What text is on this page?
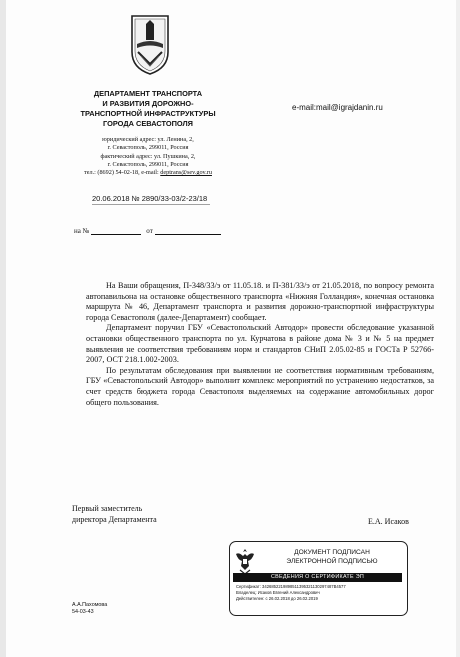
ДЕПАРТАМЕНТ ТРАНСПОРТА
И РАЗВИТИЯ ДОРОЖНО-
ТРАНСПОРТНОЙ ИНФРАСТРУКТУРЫ
ГОРОДА СЕВАСТОПОЛЯ
юридический адрес: ул. Ленина, 2,
г. Севастополь, 299011, Россия
фактический адрес: ул. Пушкина, 2,
г. Севастополь, 299011, Россия
тел.: (8692) 54-02-18, e-mail: deptrans@sev.gov.ru
e-mail:mail@igrajdanin.ru
20.06.2018 № 2890/33-03/2-23/18
на №	от

На Ваши обращения, П-348/33/э от 11.05.18. и П-381/33/э от 21.05.2018, по вопросу ремонта автопавильона на остановке общественного транспорта «Нижняя Голландия», конечная остановка маршрута № 46, Департамент транспорта и развития дорожно-транспортной инфраструктуры города Севастополя (далее-Департамент) сообщает.

Департамент поручил ГБУ «Севастопольский Автодор» провести обследование указанной остановки общественного транспорта по ул. Курчатова в районе дома № 3 и № 5 на предмет выявления не соответствия требованиям норм и стандартов СНиП 2.05.02-85 и ГОСТа Р 52766-2007, ОСТ 218.1.002-2003.

По результатам обследования при выявлении не соответствия нормативным требованиям, ГБУ «Севастопольский Автодор» выполнит комплекс мероприятий по устранению недостатков, за счет средств бюджета города Севастополя выделяемых на содержание автомобильных дорог общего пользования.

Первый заместитель
директора Департамента	Е.А. Исаков
ДОКУМЕНТ ПОДПИСАН
ЭЛЕКТРОННОЙ ПОДПИСЬЮ
СВЕДЕНИЯ О СЕРТИФИКАТЕ ЭП
Сертификат: 3426852219898511395321130297487B4577
Владелец: Исаков Евгений Александрович
Действителен: с 26.02.2018 до 26.02.2019
А.А.Пахомова
54-03-43
